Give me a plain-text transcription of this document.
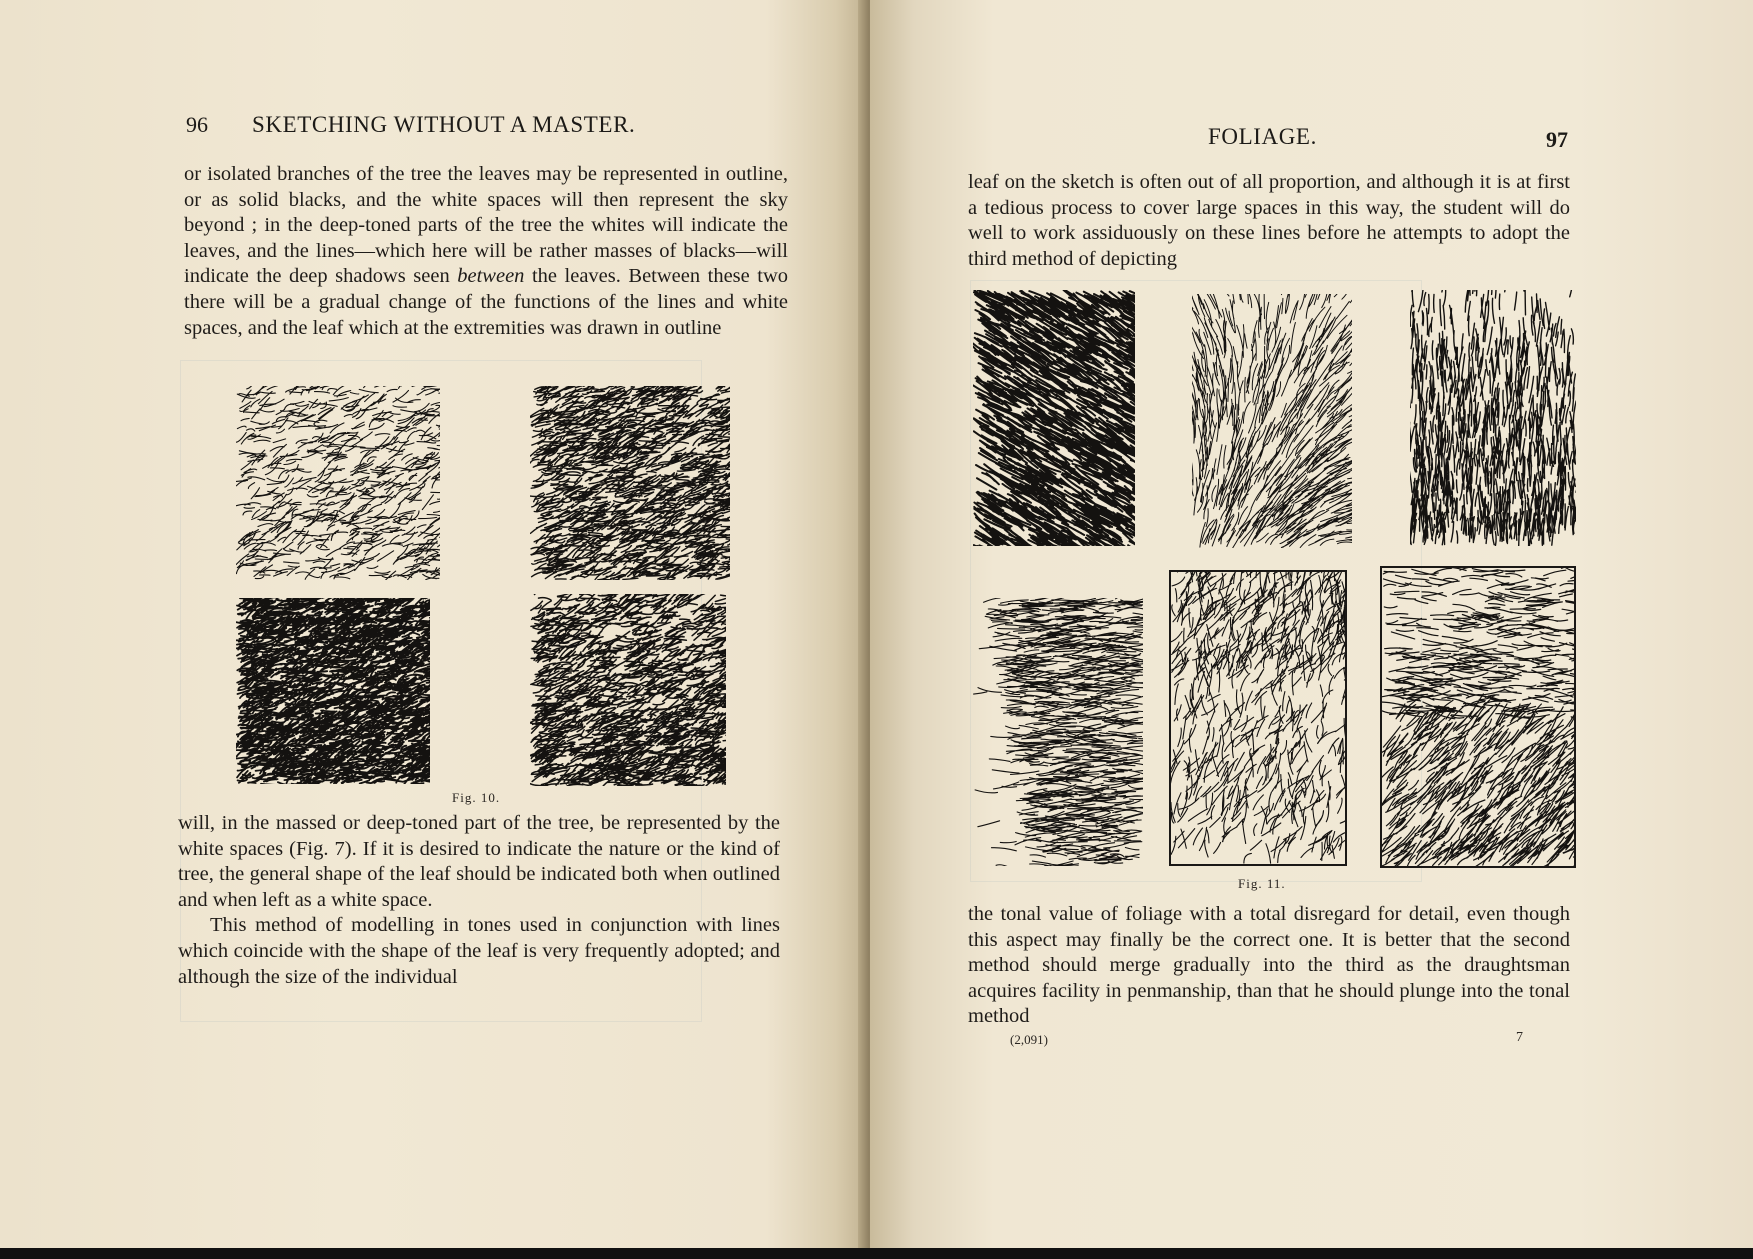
96 SKETCHING WITHOUT A MASTER.

or isolated branches of the tree the leaves may be represented in outline, or as solid blacks, and the white spaces will then represent the sky beyond ; in the deep-toned parts of the tree the whites will indicate the leaves, and the lines—which here will be rather masses of blacks—will indicate the deep shadows seen between the leaves. Between these two there will be a gradual change of the functions of the lines and white spaces, and the leaf which at the extremities was drawn in outline

Fig. 10.

will, in the massed or deep-toned part of the tree, be represented by the white spaces (Fig. 7). If it is desired to indicate the nature or the kind of tree, the general shape of the leaf should be indicated both when outlined and when left as a white space.

This method of modelling in tones used in conjunction with lines which coincide with the shape of the leaf is very frequently adopted; and although the size of the individual

FOLIAGE.	97

leaf on the sketch is often out of all proportion, and although it is at first a tedious process to cover large spaces in this way, the student will do well to work assiduously on these lines before he attempts to adopt the third method of depicting

Fig. 11.

the tonal value of foliage with a total disregard for detail, even though this aspect may finally be the correct one. It is better that the second method should merge gradually into the third as the draughtsman acquires facility in penmanship, than that he should plunge into the tonal method

(2,091)	7
